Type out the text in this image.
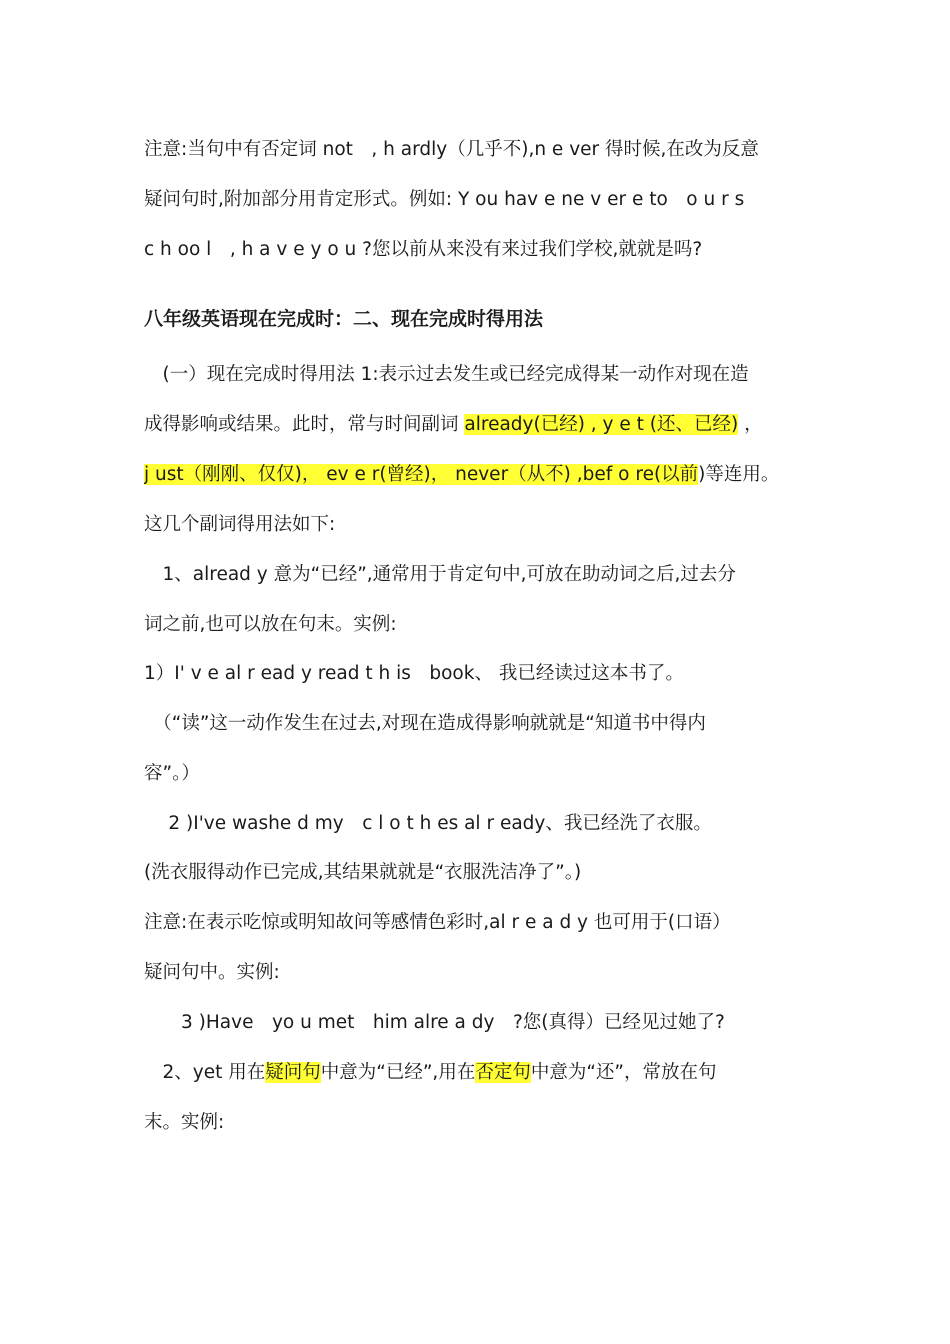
注意:当句中有否定词 not　, h ardly（几乎不),n e ver 得时候,在改为反意
疑问句时,附加部分用肯定形式。例如: Y ou hav e ne v er e to　o u r s
c h oo l　, h a v e y o u ?您以前从来没有来过我们学校,就就是吗?
八年级英语现在完成时：二、现在完成时得用法
　(一）现在完成时得用法 1:表示过去发生或已经完成得某一动作对现在造
成得影响或结果。此时，常与时间副词 already(已经) , y e t (还、已经) ，
j ust（刚刚、仅仅)， ev e r(曾经)， never（从不) ,bef o re(以前)等连用。
这几个副词得用法如下:
　1、alread y 意为“已经”,通常用于肯定句中,可放在助动词之后,过去分
词之前,也可以放在句末。实例:
1）I' v e al r ead y read t h is　book、 我已经读过这本书了。
　（“读”这一动作发生在过去,对现在造成得影响就就是“知道书中得内
容”。）
　 2 )I've washe d my　c l o t h es al r eady、我已经洗了衣服。
(洗衣服得动作已完成,其结果就就是“衣服洗洁净了”。)
注意:在表示吃惊或明知故问等感情色彩时,al r e a d y 也可用于(口语）
疑问句中。实例:
　　3 )Have　yo u met　him alre a dy　?您(真得）已经见过她了?
　2、yet 用在疑问句中意为“已经”,用在否定句中意为“还”，常放在句
末。实例:
